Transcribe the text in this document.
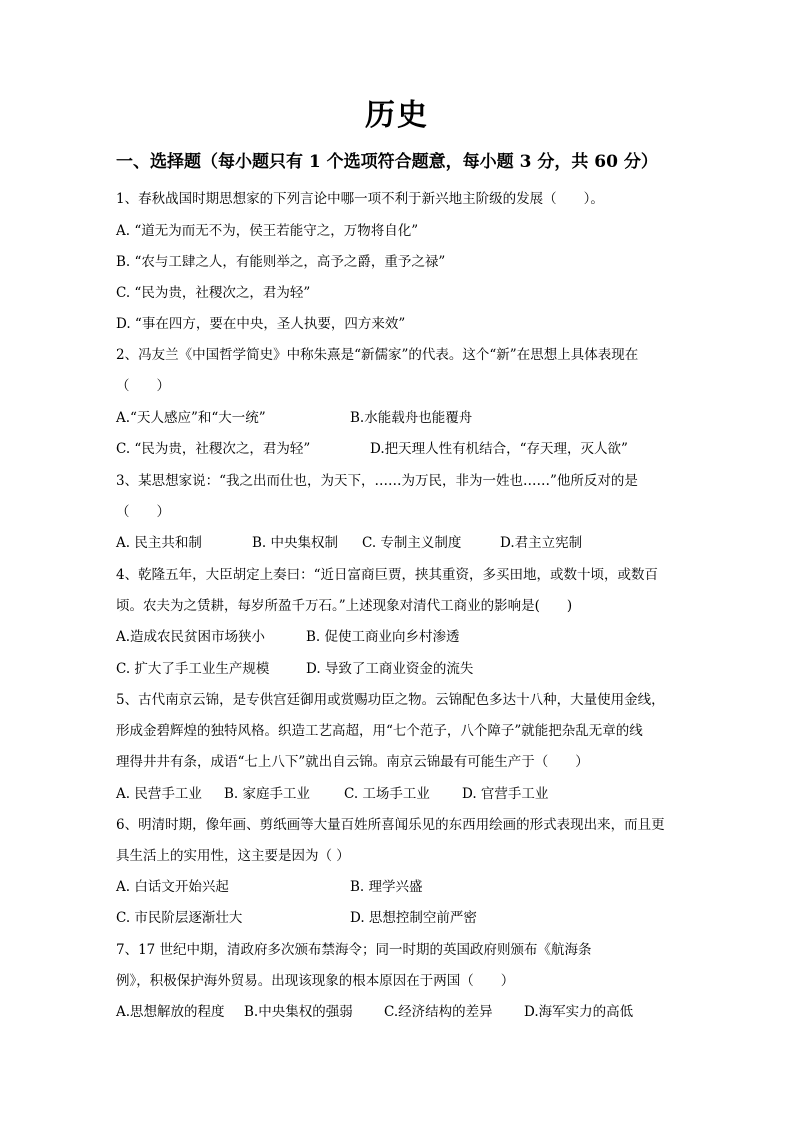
历史
一、选择题（每小题只有 1 个选项符合题意，每小题 3 分，共 60 分）
1、春秋战国时期思想家的下列言论中哪一项不利于新兴地主阶级的发展（　　）。
A. “道无为而无不为，侯王若能守之，万物将自化”
B. “农与工肆之人，有能则举之，高予之爵，重予之禄”
C. “民为贵，社稷次之，君为轻”
D. “事在四方，要在中央，圣人执要，四方来效”
2、冯友兰《中国哲学简史》中称朱熹是“新儒家”的代表。这个“新”在思想上具体表现在
（　　）
A.“天人感应”和“大一统”	B.水能载舟也能覆舟
C. “民为贵，社稷次之，君为轻”	D.把天理人性有机结合，“存天理，灭人欲”
3、某思想家说：“我之出而仕也，为天下，……为万民，非为一姓也……”他所反对的是
（　　）
A. 民主共和制	B. 中央集权制 C. 专制主义制度	D.君主立宪制
4、乾隆五年，大臣胡定上奏曰：“近日富商巨贾，挟其重资，多买田地，或数十顷，或数百
顷。农夫为之赁耕，每岁所盈千万石。”上述现象对清代工商业的影响是(　　)
A.造成农民贫困市场狭小	B. 促使工商业向乡村渗透
C. 扩大了手工业生产规模	D. 导致了工商业资金的流失
5、古代南京云锦，是专供宫廷御用或赏赐功臣之物。云锦配色多达十八种，大量使用金线，
形成金碧辉煌的独特风格。织造工艺高超，用“七个范子，八个障子”就能把杂乱无章的线
理得井井有条，成语“七上八下”就出自云锦。南京云锦最有可能生产于（　　）
A. 民营手工业 B. 家庭手工业	C. 工场手工业 D. 官营手工业
6、明清时期，像年画、剪纸画等大量百姓所喜闻乐见的东西用绘画的形式表现出来，而且更
具生活上的实用性，这主要是因为（ ）
A. 白话文开始兴起	B. 理学兴盛
C. 市民阶层逐渐壮大	D. 思想控制空前严密
7、17 世纪中期，清政府多次颁布禁海令；同一时期的英国政府则颁布《航海条
例》，积极保护海外贸易。出现该现象的根本原因在于两国（　　）
A.思想解放的程度 B.中央集权的强弱 C.经济结构的差异 D.海军实力的高低
